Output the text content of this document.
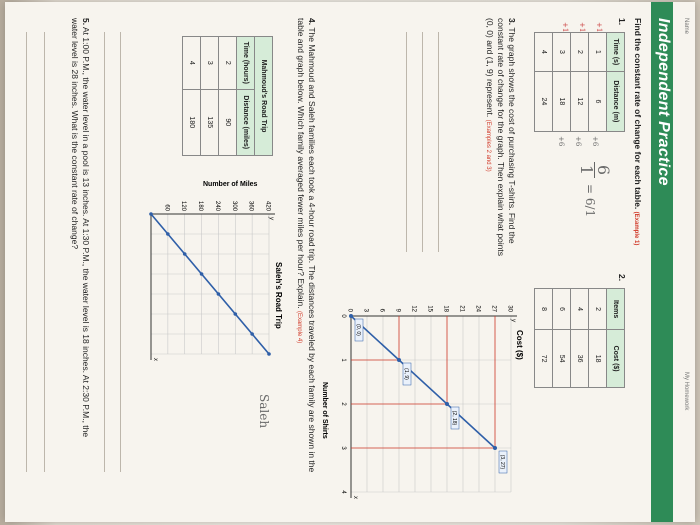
Name
My Homework
Independent Practice
Find the constant rate of change for each table. (Example 1)
1.
Time (s)	Distance (m)
1	6
2	12
3	18
4	24
+1
+1
+1
+6
+6
+6
6
1
= 6/1
2.
Items	Cost ($)
2	18
4	36
6	54
8	72
3. The graph shows the cost of purchasing T-shirts. Find the constant rate of change for the graph. Then explain what points (0, 0) and (1, 9) represent. (Examples 2 and 3)
0 3 6 9 12 15 18 21 24 27 30
0
1
2
3
4
y
x
(0, 0)
(1, 9)
(2, 18)
(3, 27)
Cost ($)
Number of Shirts
4. The Mahmoud and Saleh families each took a 4-hour road trip. The distances traveled by each family are shown in the table and graph below. Which family averaged fewer miles per hour? Explain. (Example 4)
Mahmoud's Road Trip	
Time (hours)	Distance (miles)
2	90
3	135
4	180
60 120 180 240 300 360 420
y
x
Saleh's Road Trip
Number of Miles
Saleh
5. At 1:00 P.M., the water level in a pool is 13 inches. At 1:30 P.M., the water level is 18 inches. At 2:30 P.M., the water level is 28 inches. What is the constant rate of change?
